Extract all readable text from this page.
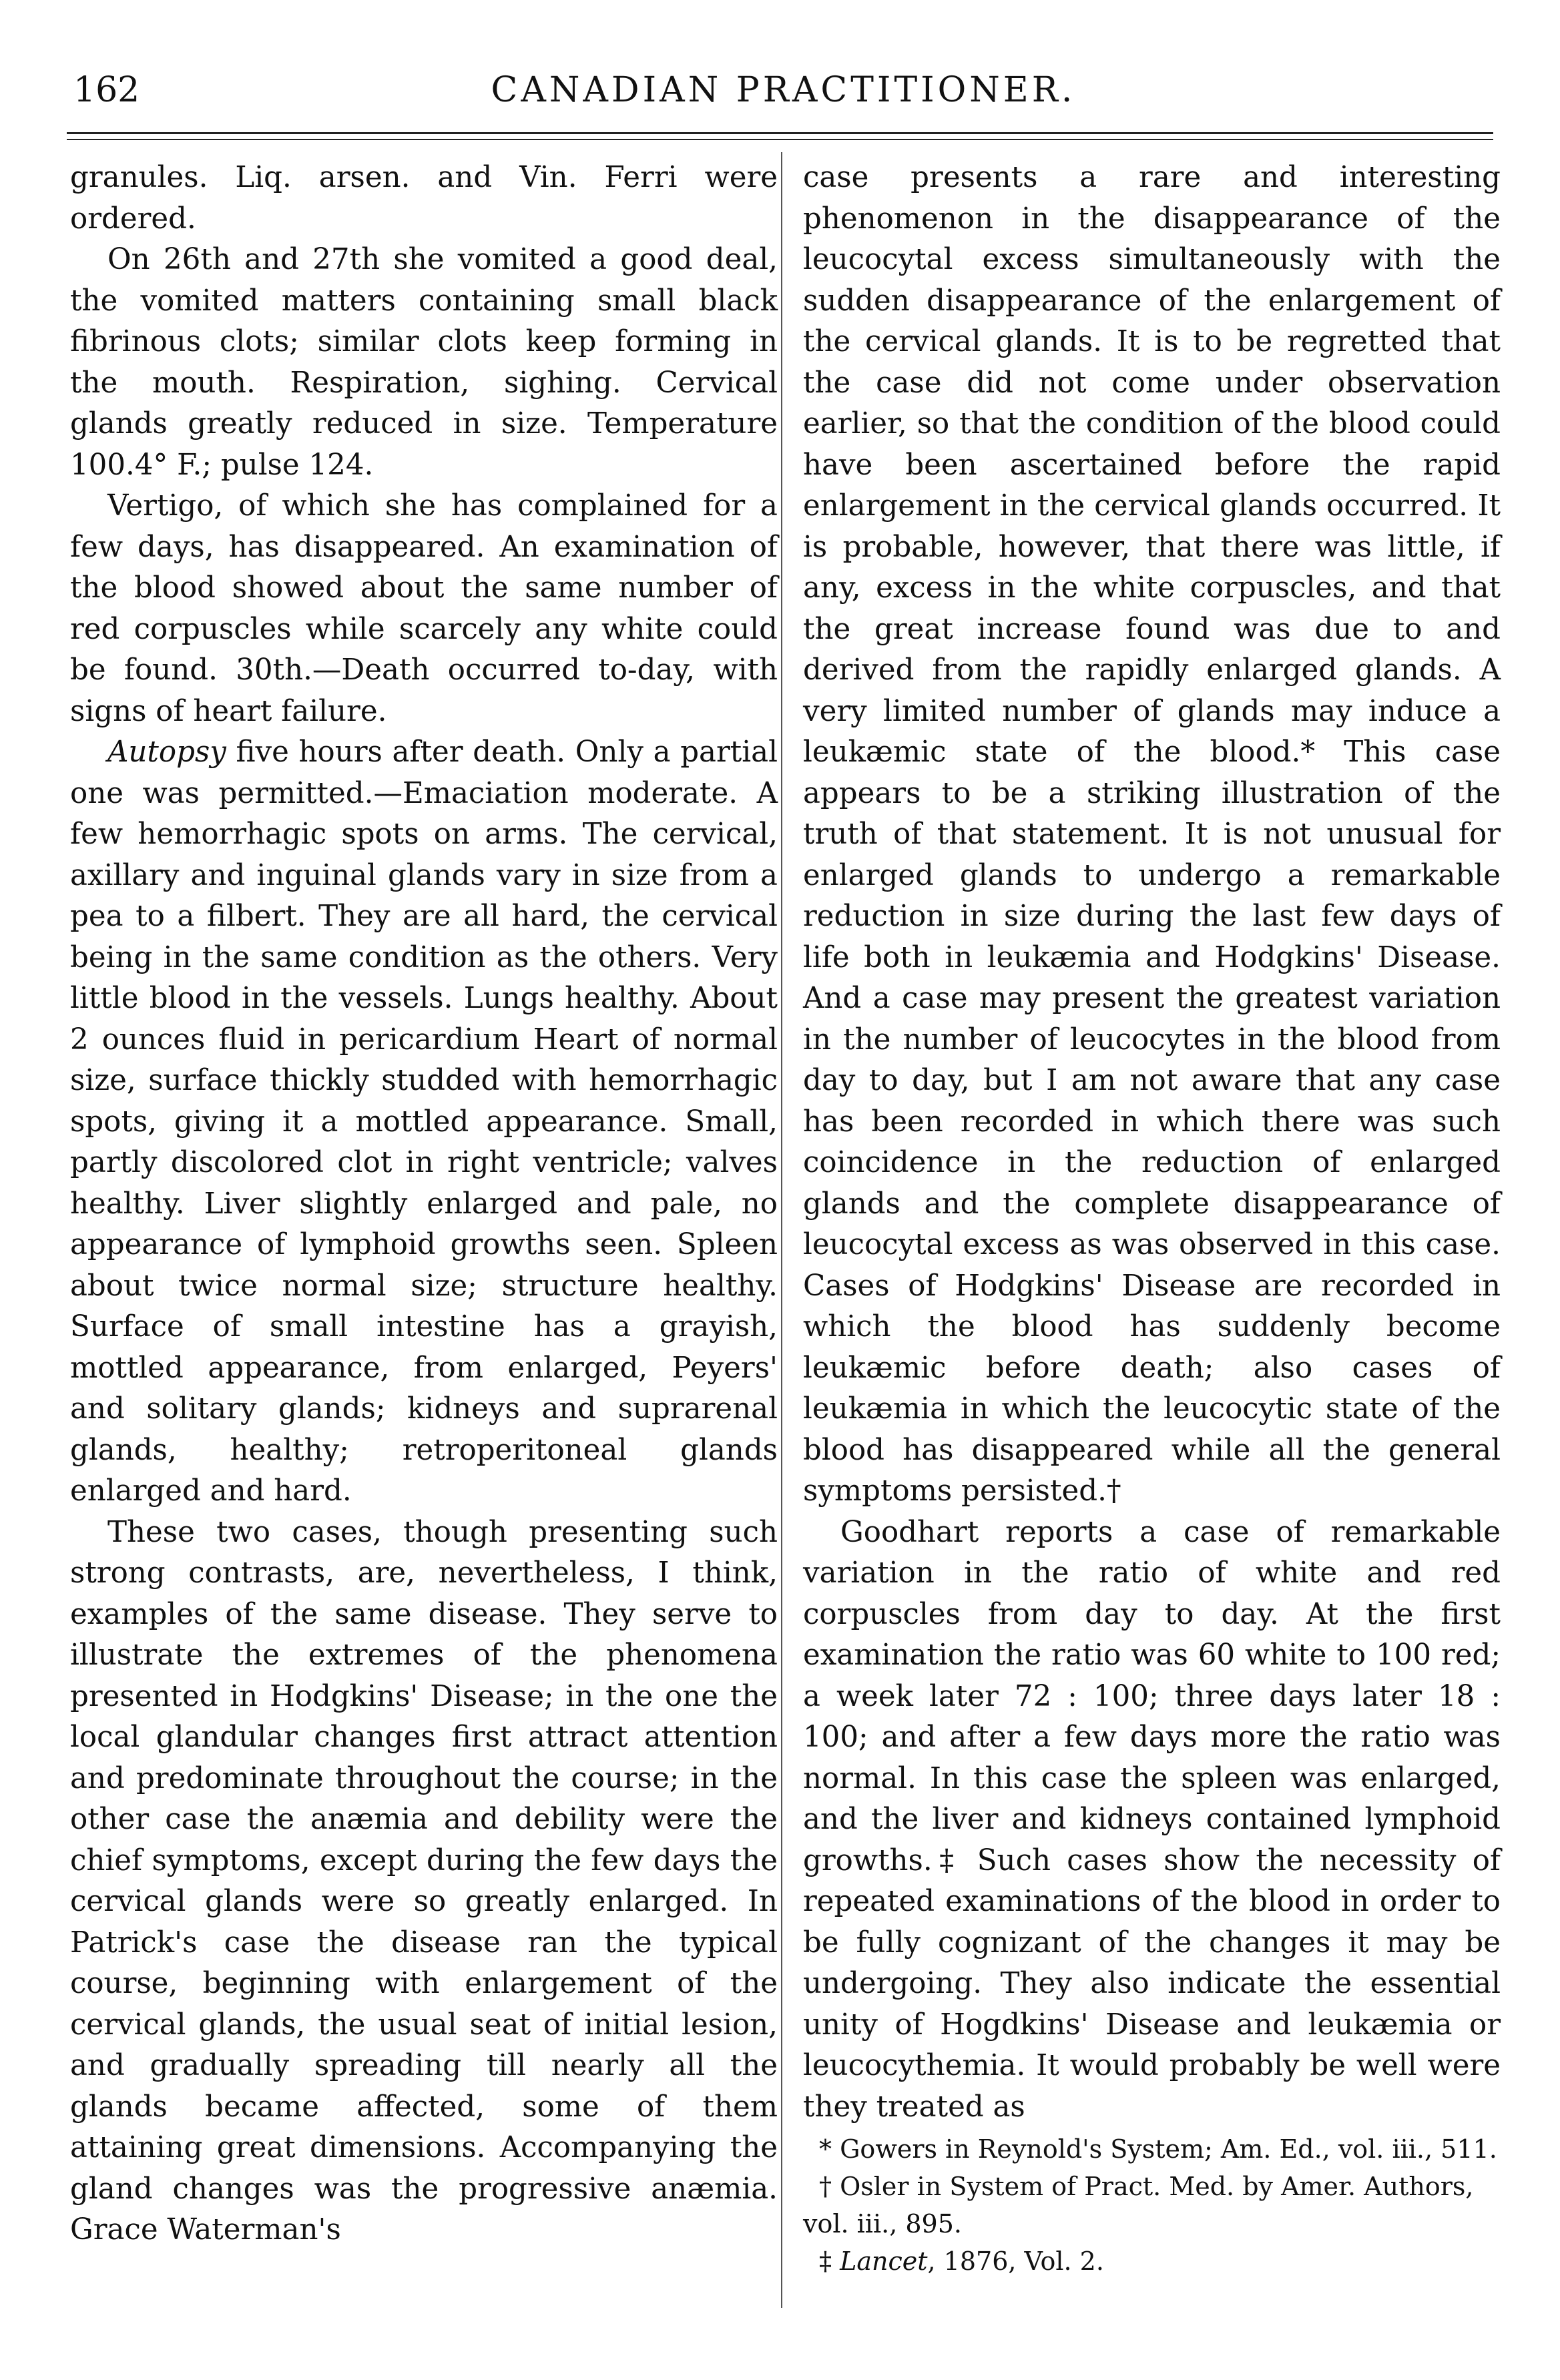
162	CANADIAN PRACTITIONER.

granules. Liq. arsen. and Vin. Ferri were ordered.

On 26th and 27th she vomited a good deal, the vomited matters containing small black fibrinous clots; similar clots keep forming in the mouth. Respiration, sighing. Cervical glands greatly reduced in size. Temperature 100.4° F.; pulse 124.

Vertigo, of which she has complained for a few days, has disappeared. An examination of the blood showed about the same number of red corpuscles while scarcely any white could be found. 30th.—Death occurred to-day, with signs of heart failure.

Autopsy five hours after death. Only a partial one was permitted.—Emaciation moderate. A few hemorrhagic spots on arms. The cervical, axillary and inguinal glands vary in size from a pea to a filbert. They are all hard, the cervical being in the same condition as the others. Very little blood in the vessels. Lungs healthy. About 2 ounces fluid in pericardium Heart of normal size, surface thickly studded with hemorrhagic spots, giving it a mottled appearance. Small, partly discolored clot in right ventricle; valves healthy. Liver slightly enlarged and pale, no appearance of lymphoid growths seen. Spleen about twice normal size; structure healthy. Surface of small intestine has a grayish, mottled appearance, from enlarged, Peyers' and solitary glands; kidneys and suprarenal glands, healthy; retroperitoneal glands enlarged and hard.

These two cases, though presenting such strong contrasts, are, nevertheless, I think, examples of the same disease. They serve to illustrate the extremes of the phenomena presented in Hodgkins' Disease; in the one the local glandular changes first attract attention and predominate throughout the course; in the other case the anæmia and debility were the chief symptoms, except during the few days the cervical glands were so greatly enlarged. In Patrick's case the disease ran the typical course, beginning with enlargement of the cervical glands, the usual seat of initial lesion, and gradually spreading till nearly all the glands became affected, some of them attaining great dimensions. Accompanying the gland changes was the progressive anæmia. Grace Waterman's

case presents a rare and interesting phenomenon in the disappearance of the leucocytal excess simultaneously with the sudden disappearance of the enlargement of the cervical glands. It is to be regretted that the case did not come under observation earlier, so that the condition of the blood could have been ascertained before the rapid enlargement in the cervical glands occurred. It is probable, however, that there was little, if any, excess in the white corpuscles, and that the great increase found was due to and derived from the rapidly enlarged glands. A very limited number of glands may induce a leukæmic state of the blood.* This case appears to be a striking illustration of the truth of that statement. It is not unusual for enlarged glands to undergo a remarkable reduction in size during the last few days of life both in leukæmia and Hodgkins' Disease. And a case may present the greatest variation in the number of leucocytes in the blood from day to day, but I am not aware that any case has been recorded in which there was such coincidence in the reduction of enlarged glands and the complete disappearance of leucocytal excess as was observed in this case. Cases of Hodgkins' Disease are recorded in which the blood has suddenly become leukæmic before death; also cases of leukæmia in which the leucocytic state of the blood has disappeared while all the general symptoms persisted.†

Goodhart reports a case of remarkable variation in the ratio of white and red corpuscles from day to day. At the first examination the ratio was 60 white to 100 red; a week later 72 : 100; three days later 18 : 100; and after a few days more the ratio was normal. In this case the spleen was enlarged, and the liver and kidneys contained lymphoid growths.‡ Such cases show the necessity of repeated examinations of the blood in order to be fully cognizant of the changes it may be undergoing. They also indicate the essential unity of Hogdkins' Disease and leukæmia or leucocythemia. It would probably be well were they treated as

* Gowers in Reynold's System; Am. Ed., vol. iii., 511.

† Osler in System of Pract. Med. by Amer. Authors, vol. iii., 895.

‡ Lancet, 1876, Vol. 2.
